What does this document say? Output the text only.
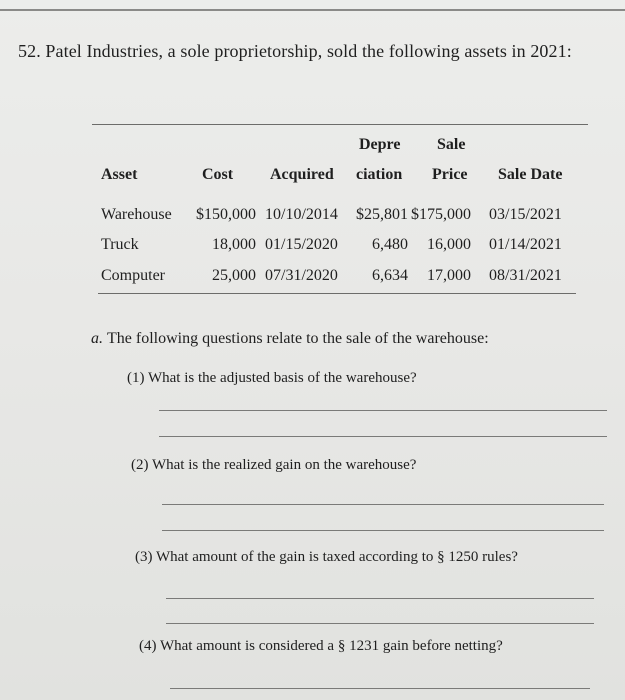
52. Patel Industries, a sole proprietorship, sold the following assets in 2021:
Depre Sale
Asset	Cost Acquired ciation Price Sale Date
Warehouse $150,000 10/10/2014 $25,801 $175,000 03/15/2021
Truck	18,000 01/15/2020 6,480 16,000 01/14/2021
Computer	25,000 07/31/2020 6,634 17,000 08/31/2021
a. The following questions relate to the sale of the warehouse:
(1) What is the adjusted basis of the warehouse?
(2) What is the realized gain on the warehouse?
(3) What amount of the gain is taxed according to § 1250 rules?
(4) What amount is considered a § 1231 gain before netting?
